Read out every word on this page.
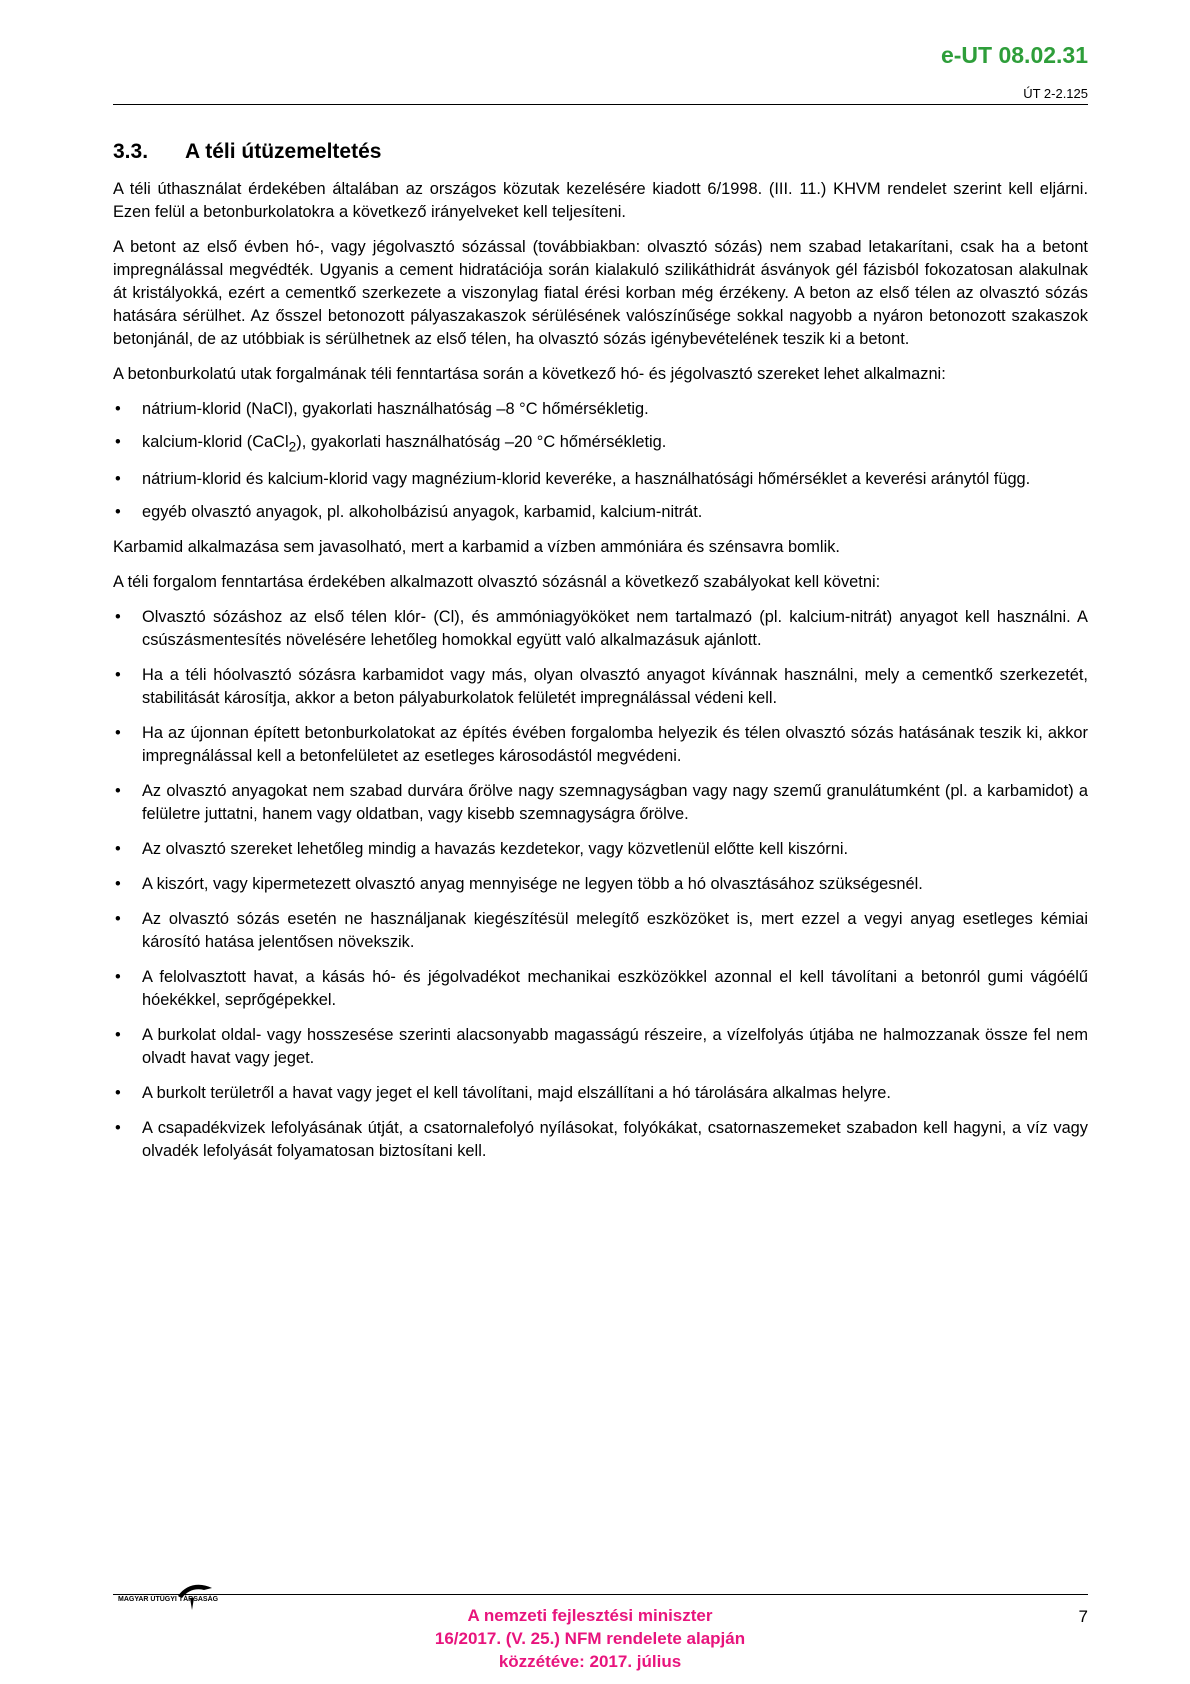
e-UT 08.02.31
ÚT 2-2.125
3.3.	A téli útüzemeltetés

A téli úthasználat érdekében általában az országos közutak kezelésére kiadott 6/1998. (III. 11.) KHVM rendelet szerint kell eljárni. Ezen felül a betonburkolatokra a következő irányelveket kell teljesíteni.

A betont az első évben hó-, vagy jégolvasztó sózással (továbbiakban: olvasztó sózás) nem szabad letakarítani, csak ha a betont impregnálással megvédték. Ugyanis a cement hidratációja során kialakuló szilikáthidrát ásványok gél fázisból fokozatosan alakulnak át kristályokká, ezért a cementkő szerkezete a viszonylag fiatal érési korban még érzékeny. A beton az első télen az olvasztó sózás hatására sérülhet. Az ősszel betonozott pályaszakaszok sérülésének valószínűsége sokkal nagyobb a nyáron betonozott szakaszok betonjánál, de az utóbbiak is sérülhetnek az első télen, ha olvasztó sózás igénybevételének teszik ki a betont.

A betonburkolatú utak forgalmának téli fenntartása során a következő hó- és jégolvasztó szereket lehet alkalmazni:

• nátrium-klorid (NaCl), gyakorlati használhatóság –8 °C hőmérsékletig.
• kalcium-klorid (CaCl$_2$), gyakorlati használhatóság –20 °C hőmérsékletig.
• nátrium-klorid és kalcium-klorid vagy magnézium-klorid keveréke, a használhatósági hőmérséklet a keverési aránytól függ.
• egyéb olvasztó anyagok, pl. alkoholbázisú anyagok, karbamid, kalcium-nitrát.

Karbamid alkalmazása sem javasolható, mert a karbamid a vízben ammóniára és szénsavra bomlik.

A téli forgalom fenntartása érdekében alkalmazott olvasztó sózásnál a következő szabályokat kell követni:

• Olvasztó sózáshoz az első télen klór- (Cl), és ammóniagyököket nem tartalmazó (pl. kalcium-nitrát) anyagot kell használni. A csúszásmentesítés növelésére lehetőleg homokkal együtt való alkalmazásuk ajánlott.
• Ha a téli hóolvasztó sózásra karbamidot vagy más, olyan olvasztó anyagot kívánnak használni, mely a cementkő szerkezetét, stabilitását károsítja, akkor a beton pályaburkolatok felületét impregnálással védeni kell.
• Ha az újonnan épített betonburkolatokat az építés évében forgalomba helyezik és télen olvasztó sózás hatásának teszik ki, akkor impregnálással kell a betonfelületet az esetleges károsodástól megvédeni.
• Az olvasztó anyagokat nem szabad durvára őrölve nagy szemnagyságban vagy nagy szemű granulátumként (pl. a karbamidot) a felületre juttatni, hanem vagy oldatban, vagy kisebb szemnagyságra őrölve.
• Az olvasztó szereket lehetőleg mindig a havazás kezdetekor, vagy közvetlenül előtte kell kiszórni.
• A kiszórt, vagy kipermetezett olvasztó anyag mennyisége ne legyen több a hó olvasztásához szükségesnél.
• Az olvasztó sózás esetén ne használjanak kiegészítésül melegítő eszközöket is, mert ezzel a vegyi anyag esetleges kémiai károsító hatása jelentősen növekszik.
• A felolvasztott havat, a kásás hó- és jégolvadékot mechanikai eszközökkel azonnal el kell távolítani a betonról gumi vágóélű hóekékkel, seprőgépekkel.
• A burkolat oldal- vagy hosszesése szerinti alacsonyabb magasságú részeire, a vízelfolyás útjába ne halmozzanak össze fel nem olvadt havat vagy jeget.
• A burkolt területről a havat vagy jeget el kell távolítani, majd elszállítani a hó tárolására alkalmas helyre.
• A csapadékvizek lefolyásának útját, a csatornalefolyó nyílásokat, folyókákat, csatornaszemeket szabadon kell hagyni, a víz vagy olvadék lefolyását folyamatosan biztosítani kell.
MAGYAR ÚTÜGYI TÁRSASÁG
A nemzeti fejlesztési miniszter
16/2017. (V. 25.) NFM rendelete alapján
közzétéve: 2017. július
7
